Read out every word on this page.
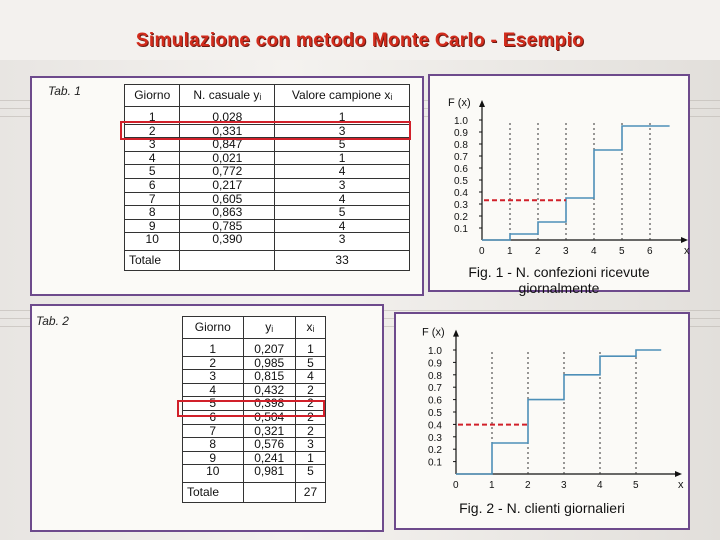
Simulazione con metodo Monte Carlo - Esempio
Tab. 1	Giorno	N. casuale yᵢ	Valore campione xᵢ
1	0,028	1
2	0,331	3
3	0,847	5
4	0,021	1
5	0,772	4
6	0,217	3
7	0,605	4
8	0,863	5
9	0,785	4
10	0,390	3
Totale		33
Tab. 2	Giorno	yᵢ	xᵢ
1	0,207	1
2	0,985	5
3	0,815	4
4	0,432	2
5	0,398	2
6	0,504	2
7	0,321	2
8	0,576	3
9	0,241	1
10	0,981	5
Totale		27
F (x)
x
1.0
0.9
0.8
0.7
0.6
0.5
0.4
0.3
0.2
0.1
0 1 2 3 4 5 6
Fig. 1 - N. confezioni ricevute
giornalmente
F (x)
x
1.0
0.9
0.8
0.7
0.6
0.5
0.4
0.3
0.2
0.1
0	1	2	3	4	5
Fig. 2 - N. clienti giornalieri
